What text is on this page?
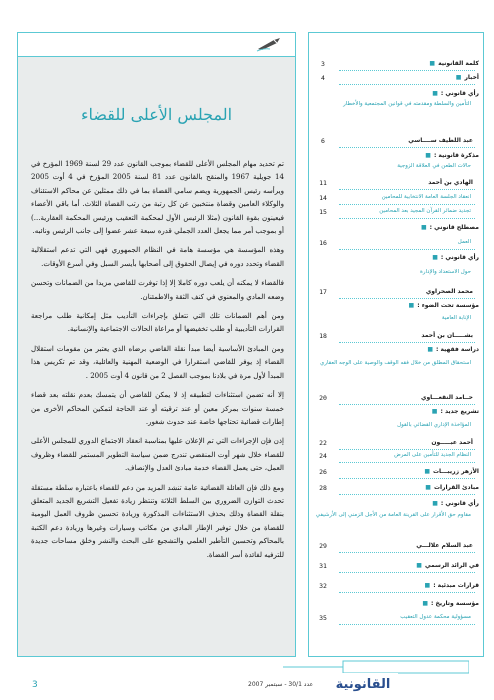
المجلس الأعلى للقضاء

تم تحديد مهام المجلس الأعلى للقضاء بموجب القانون عدد 29 لسنة 1969 المؤرخ في 14 جويلية 1967 والمنقح بالقانون عدد 81 لسنة 2005 المؤرخ في 4 أوت 2005 ويرأسه رئيس الجمهورية ويضم سامي القضاة بما في ذلك ممثلين عن محاكم الاستئناف والوكلاء العامين وقضاة منتخبين عن كل رتبة من رتب القضاة الثلاث. أما باقي الأعضاء فيعينون بقوة القانون (مثلا الرئيس الأول لمحكمة التعقيب ورئيس المحكمة العقارية...) أو بموجب أمر مما يجعل العدد الجملي قدره سبعة عشر عضوا إلى جانب الرئيس ونائبه.

وهذه المؤسسة هي مؤسسة هامة في النظام الجمهوري فهي التي تدعم استقلالية القضاء وتحدد دوره في إيصال الحقوق إلى أصحابها بأيسر السبل وفي أسرع الأوقات.

فالقضاء لا يمكنه أن يلعب دوره كاملا إلا إذا توفرت للقاضي مزيدا من الضمانات وتحسن وضعه المادي والمعنوي في كنف الثقة والاطمئنان.

ومن أهم الضمانات تلك التي تتعلق بإجراءات التأديب مثل إمكانية طلب مراجعة القرارات التأديبية أو طلب تخفيضها أو مراعاة الحالات الاجتماعية والإنسانية.

ومن المبادئ الأساسية أيضا مبدأ نقلة القاضي برضاه الذي يعتبر من مقومات استقلال القضاء إذ يوفر للقاضي استقرارا في الوضعية المهنية والعائلية، وقد تم تكريس هذا المبدأ لأول مرة في بلادنا بموجب الفصل 2 من قانون 4 أوت 2005 .

إلا أنه تضمن استثناءات لتطبيقه إذ لا يمكن للقاضي أن يتمسك بعدم نقلته بعد قضاء خمسة سنوات بمركز معين أو عند ترقيته أو عند الحاجة لتمكين المحاكم الأخرى من إطارات قضائية تحتاجها خاصة عند حدوث شغور.

إذن فإن الإجراءات التي تم الإعلان عليها بمناسبة انعقاد الاجتماع الدوري للمجلس الأعلى للقضاء خلال شهر أوت المنقضي تندرج ضمن سياسة التطوير المستمر للقضاء وظروف العمل، حتى يعمل القضاء خدمة مبادئ العدل والإنصاف.

ومع ذلك فإن العائلة القضائية عامة تنشد المزيد من دعم للقضاء باعتباره سلطة مستقلة تحدث التوازن الضروري بين السلط الثلاثة وتنتظر زيادة تفعيل التشريع الجديد المتعلق بنقلة القضاة وذلك بحذف الاستثناءات المذكورة وزيادة تحسين ظروف العمل اليومية للقضاة من خلال توفير الإطار المادي من مكاتب وسيارات وغيرها وزيادة دعم الكتبة بالمحاكم وتحسين التأطير العلمي والتشجيع على البحث والنشر وخلق مساحات جديدة للترفيه لفائدة أسر القضاة.

كلمة القانونية ■
3
أخبار ■
4
رأي قانوني : ■
التأمين والسلطة ومقدمته في قوانين المجتمعية والأخطار
عبد اللطيف ســــاسي
6
مذكرة قانونية : ■
حالات الطعن في العلاقة الزوجية
الهادي بن أحمد
11
انعقاد الجلسة العامة الانتخابية للمحامين
14
تجديد ضمائر القرآن المجيد بعد المحامين
15
مصطلح قانوني : ■
العمل
16
رأي قانوني : ■
حول الاستعداد والإدارة
محمد الصحراوي
17
مؤسسة تحت الضوء : ■
الإنابة العامية
بشـــــان بن أحمد
18
دراسة فقهية : ■
استحقاق المطلق من خلال فقه الوقف والوصية على الوجه العقاري
حــامد النقعـــاوي
20
تشريع جديد : ■
المؤاخذة الإداري القضائي بالقول
أحمد عبـــــون
22
النظام الجديد للتأمين على المرض
24
الأزهر زريبـــات ■
26
مبادئ القرارات ■
28
رأي قانوني : ■
مقاوم حق الأقرار على القرينة العامة من الأجل الزمني إلى الأرشيفي
عبد السلام علالـــي
29
في الرائد الرسمي ■
31
قرارات مبدئية : ■
32
مؤسسة وتاريخ : ■
مسؤولية محكمة عدول التعقيب
35
عدد 30/1 - سبتمبر 2007 القانونية
3
